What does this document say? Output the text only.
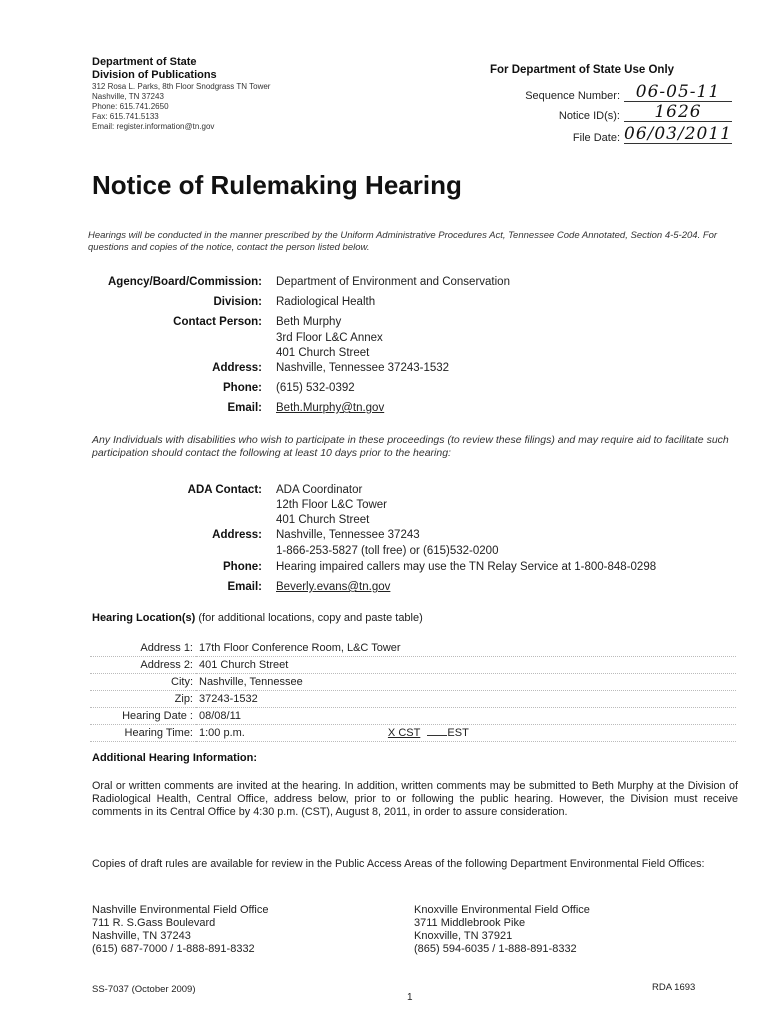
Department of State
Division of Publications
312 Rosa L. Parks, 8th Floor Snodgrass TN Tower
Nashville, TN 37243
Phone: 615.741.2650
Fax: 615.741.5133
Email: register.information@tn.gov
For Department of State Use Only
Sequence Number: 06-05-11
Notice ID(s):	1626
File Date: 06/03/2011
Notice of Rulemaking Hearing
Hearings will be conducted in the manner prescribed by the Uniform Administrative Procedures Act, Tennessee Code Annotated, Section 4-5-204. For questions and copies of the notice, contact the person listed below.
Agency/Board/Commission: Department of Environment and Conservation
Division: Radiological Health
Contact Person: Beth Murphy
3rd Floor L&C Annex
401 Church Street
Address: Nashville, Tennessee 37243-1532
Phone: (615) 532-0392
Email: Beth.Murphy@tn.gov
Any Individuals with disabilities who wish to participate in these proceedings (to review these filings) and may require aid to facilitate such participation should contact the following at least 10 days prior to the hearing:
ADA Contact: ADA Coordinator
12th Floor L&C Tower
401 Church Street
Address: Nashville, Tennessee 37243
1-866-253-5827 (toll free) or (615)532-0200
Phone: Hearing impaired callers may use the TN Relay Service at 1-800-848-0298
Email: Beverly.evans@tn.gov
Hearing Location(s) (for additional locations, copy and paste table)
Address 1:	17th Floor Conference Room, L&C Tower
Address 2:	401 Church Street
City:	Nashville, Tennessee
Zip:	37243-1532
Hearing Date :	08/08/11
Hearing Time:	1:00 p.m. X CST EST
Additional Hearing Information:
Oral or written comments are invited at the hearing. In addition, written comments may be submitted to Beth Murphy at the Division of Radiological Health, Central Office, address below, prior to or following the public hearing. However, the Division must receive comments in its Central Office by 4:30 p.m. (CST), August 8, 2011, in order to assure consideration.
Copies of draft rules are available for review in the Public Access Areas of the following Department Environmental Field Offices:
Nashville Environmental Field Office
711 R. S.Gass Boulevard
Nashville, TN 37243
(615) 687-7000 / 1-888-891-8332
Knoxville Environmental Field Office
3711 Middlebrook Pike
Knoxville, TN 37921
(865) 594-6035 / 1-888-891-8332
SS-7037 (October 2009)
1
RDA 1693
